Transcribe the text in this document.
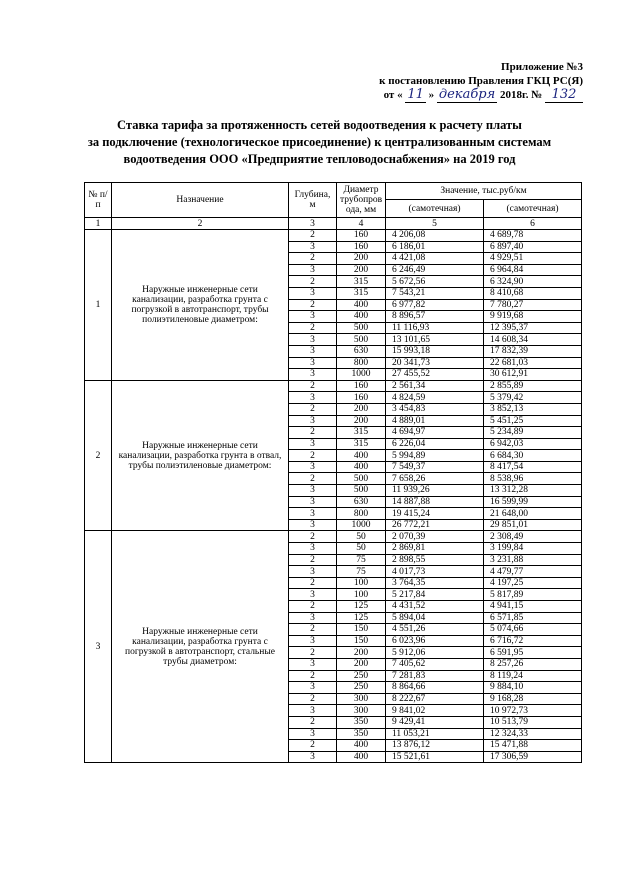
Приложение №3
к постановлению Правления ГКЦ РС(Я)
от « 11 » декабря 2018г. № 132
Ставка тарифа за протяженность сетей водоотведения к расчету платы
за подключение (технологическое присоединение) к централизованным системам
водоотведения ООО «Предприятие тепловодоснабжения» на 2019 год
№ п/п	Назначение	Глубина, м	Диаметр трубопров ода, мм	Значение, тыс.руб/км	
				(самотечная)	(самотечная)
1	2	3	4	5	6
1	Наружные инженерные сети канализации, разработка грунта с погрузкой в автотранспорт, трубы полиэтиленовые диаметром:	2	160	4 206,08	4 689,78
		3	160	6 186,01	6 897,40
		2	200	4 421,08	4 929,51
		3	200	6 246,49	6 964,84
		2	315	5 672,56	6 324,90
		3	315	7 543,21	8 410,68
		2	400	6 977,82	7 780,27
		3	400	8 896,57	9 919,68
		2	500	11 116,93	12 395,37
		3	500	13 101,65	14 608,34
		3	630	15 993,18	17 832,39
		3	800	20 341,73	22 681,03
		3	1000	27 455,52	30 612,91
2	Наружные инженерные сети канализации, разработка грунта в отвал, трубы полиэтиленовые диаметром:	2	160	2 561,34	2 855,89
		3	160	4 824,59	5 379,42
		2	200	3 454,83	3 852,13
		3	200	4 889,01	5 451,25
		2	315	4 694,97	5 234,89
		3	315	6 226,04	6 942,03
		2	400	5 994,89	6 684,30
		3	400	7 549,37	8 417,54
		2	500	7 658,26	8 538,96
		3	500	11 939,26	13 312,28
		3	630	14 887,88	16 599,99
		3	800	19 415,24	21 648,00
		3	1000	26 772,21	29 851,01
3	Наружные инженерные сети канализации, разработка грунта с погрузкой в автотранспорт, стальные трубы диаметром:	2	50	2 070,39	2 308,49
		3	50	2 869,81	3 199,84
		2	75	2 898,55	3 231,88
		3	75	4 017,73	4 479,77
		2	100	3 764,35	4 197,25
		3	100	5 217,84	5 817,89
		2	125	4 431,52	4 941,15
		3	125	5 894,04	6 571,85
		2	150	4 551,26	5 074,66
		3	150	6 023,96	6 716,72
		2	200	5 912,06	6 591,95
		3	200	7 405,62	8 257,26
		2	250	7 281,83	8 119,24
		3	250	8 864,66	9 884,10
		2	300	8 222,67	9 168,28
		3	300	9 841,02	10 972,73
		2	350	9 429,41	10 513,79
		3	350	11 053,21	12 324,33
		2	400	13 876,12	15 471,88
		3	400	15 521,61	17 306,59
